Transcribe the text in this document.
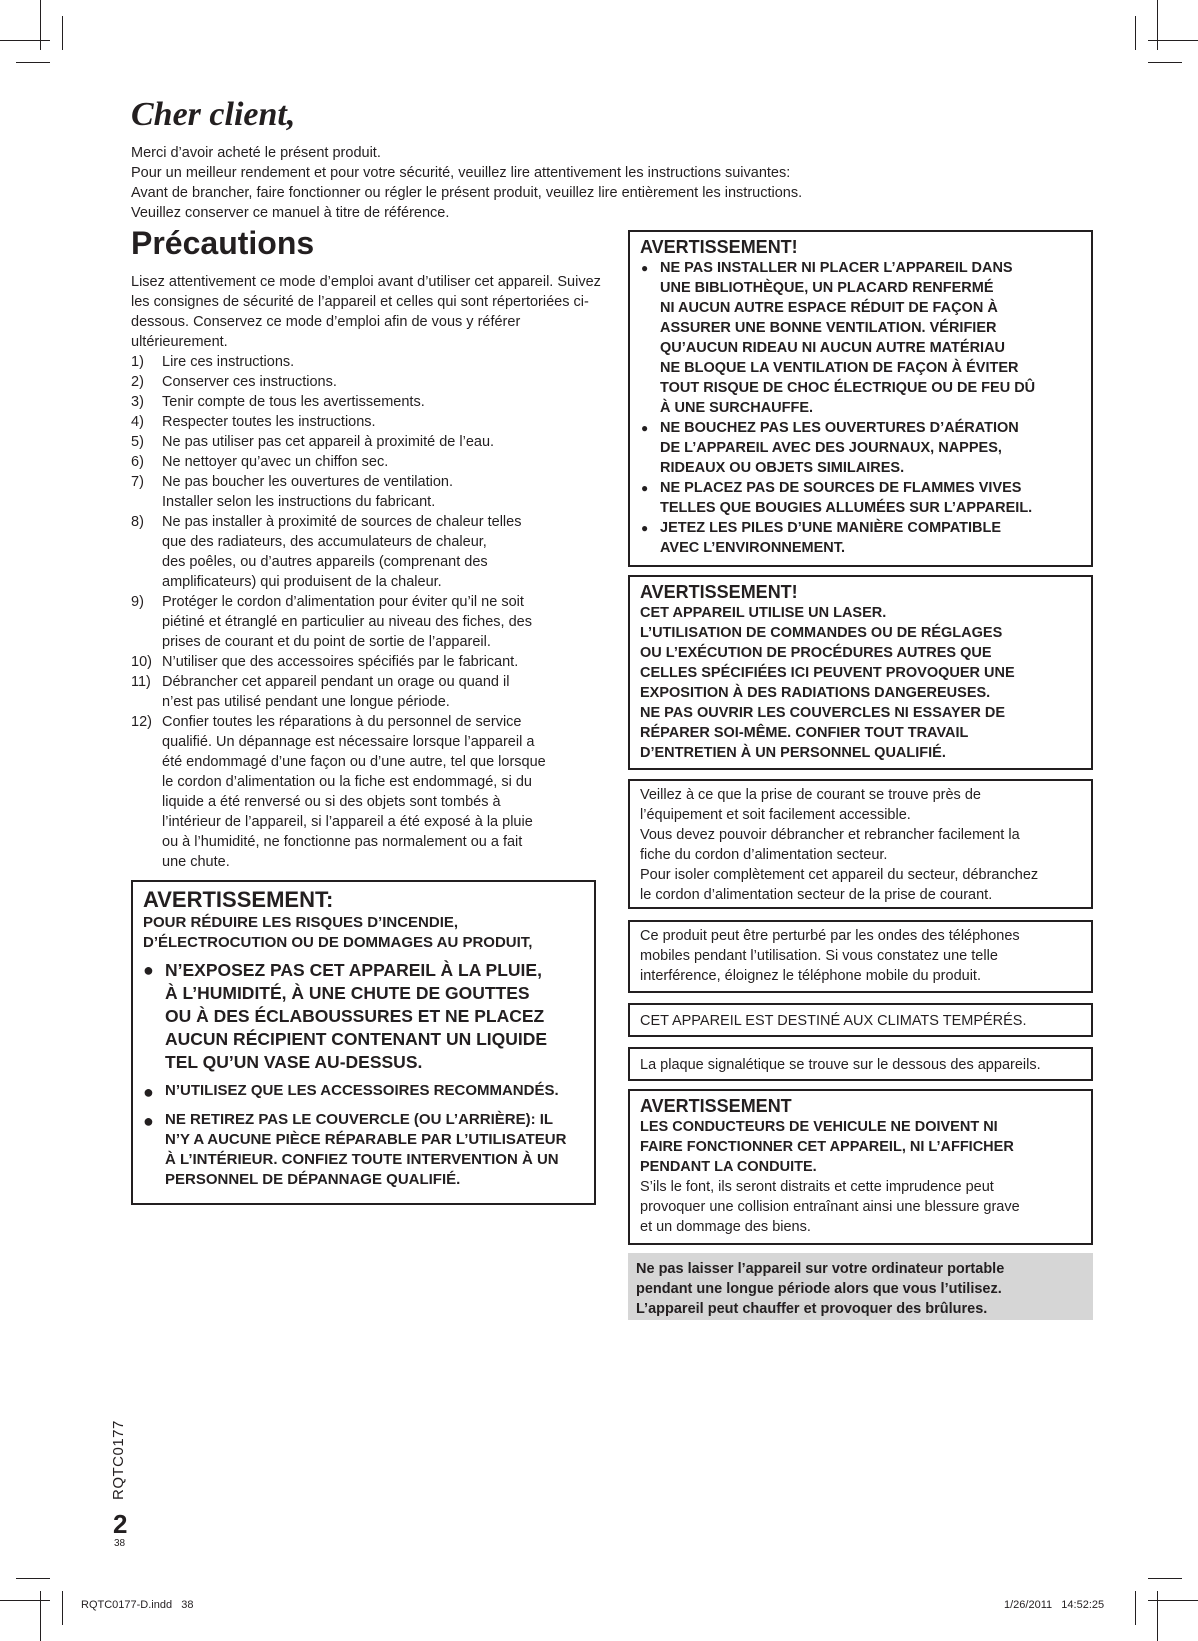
Cher client,
Merci d’avoir acheté le présent produit.
Pour un meilleur rendement et pour votre sécurité, veuillez lire attentivement les instructions suivantes:
Avant de brancher, faire fonctionner ou régler le présent produit, veuillez lire entièrement les instructions.
Veuillez conserver ce manuel à titre de référence.
Précautions

Lisez attentivement ce mode d’emploi avant d’utiliser cet appareil. Suivez les consignes de sécurité de l’appareil et celles qui sont répertoriées ci-dessous. Conservez ce mode d’emploi afin de vous y référer ultérieurement.

1)	Lire ces instructions.
2)	Conserver ces instructions.
3)	Tenir compte de tous les avertissements.
4)	Respecter toutes les instructions.
5)	Ne pas utiliser pas cet appareil à proximité de l’eau.
6)	Ne nettoyer qu’avec un chiffon sec.
7)	Ne pas boucher les ouvertures de ventilation.
Installer selon les instructions du fabricant.
8)	Ne pas installer à proximité de sources de chaleur telles
que des radiateurs, des accumulateurs de chaleur,
des poêles, ou d’autres appareils (comprenant des
amplificateurs) qui produisent de la chaleur.
9)	Protéger le cordon d’alimentation pour éviter qu’il ne soit
piétiné et étranglé en particulier au niveau des fiches, des
prises de courant et du point de sortie de l’appareil.
10) N’utiliser que des accessoires spécifiés par le fabricant.
11) Débrancher cet appareil pendant un orage ou quand il
n’est pas utilisé pendant une longue période.
12) Confier toutes les réparations à du personnel de service
qualifié. Un dépannage est nécessaire lorsque l’appareil a
été endommagé d’une façon ou d’une autre, tel que lorsque
le cordon d’alimentation ou la fiche est endommagé, si du
liquide a été renversé ou si des objets sont tombés à
l’intérieur de l’appareil, si l’appareil a été exposé à la pluie
ou à l’humidité, ne fonctionne pas normalement ou a fait
une chute.
AVERTISSEMENT:
POUR RÉDUIRE LES RISQUES D’INCENDIE,
D’ÉLECTROCUTION OU DE DOMMAGES AU PRODUIT,
● N’EXPOSEZ PAS CET APPAREIL À LA PLUIE,
À L’HUMIDITÉ, À UNE CHUTE DE GOUTTES
OU À DES ÉCLABOUSSURES ET NE PLACEZ
AUCUN RÉCIPIENT CONTENANT UN LIQUIDE
TEL QU’UN VASE AU-DESSUS.
● N’UTILISEZ QUE LES ACCESSOIRES RECOMMANDÉS.
● NE RETIREZ PAS LE COUVERCLE (OU L’ARRIÈRE): IL
N’Y A AUCUNE PIÈCE RÉPARABLE PAR L’UTILISATEUR
À L’INTÉRIEUR. CONFIEZ TOUTE INTERVENTION À UN
PERSONNEL DE DÉPANNAGE QUALIFIÉ.
AVERTISSEMENT!
● NE PAS INSTALLER NI PLACER L’APPAREIL DANS
UNE BIBLIOTHÈQUE, UN PLACARD RENFERMÉ
NI AUCUN AUTRE ESPACE RÉDUIT DE FAÇON À
ASSURER UNE BONNE VENTILATION. VÉRIFIER
QU’AUCUN RIDEAU NI AUCUN AUTRE MATÉRIAU
NE BLOQUE LA VENTILATION DE FAÇON À ÉVITER
TOUT RISQUE DE CHOC ÉLECTRIQUE OU DE FEU DÛ
À UNE SURCHAUFFE.
● NE BOUCHEZ PAS LES OUVERTURES D’AÉRATION
DE L’APPAREIL AVEC DES JOURNAUX, NAPPES,
RIDEAUX OU OBJETS SIMILAIRES.
● NE PLACEZ PAS DE SOURCES DE FLAMMES VIVES
TELLES QUE BOUGIES ALLUMÉES SUR L’APPAREIL.
● JETEZ LES PILES D’UNE MANIÈRE COMPATIBLE
AVEC L’ENVIRONNEMENT.
AVERTISSEMENT!
CET APPAREIL UTILISE UN LASER.
L’UTILISATION DE COMMANDES OU DE RÉGLAGES
OU L’EXÉCUTION DE PROCÉDURES AUTRES QUE
CELLES SPÉCIFIÉES ICI PEUVENT PROVOQUER UNE
EXPOSITION À DES RADIATIONS DANGEREUSES.
NE PAS OUVRIR LES COUVERCLES NI ESSAYER DE
RÉPARER SOI-MÊME. CONFIER TOUT TRAVAIL
D’ENTRETIEN À UN PERSONNEL QUALIFIÉ.
Veillez à ce que la prise de courant se trouve près de
l’équipement et soit facilement accessible.
Vous devez pouvoir débrancher et rebrancher facilement la
fiche du cordon d’alimentation secteur.
Pour isoler complètement cet appareil du secteur, débranchez
le cordon d’alimentation secteur de la prise de courant.
Ce produit peut être perturbé par les ondes des téléphones
mobiles pendant l’utilisation. Si vous constatez une telle
interférence, éloignez le téléphone mobile du produit.
CET APPAREIL EST DESTINÉ AUX CLIMATS TEMPÉRÉS.
La plaque signalétique se trouve sur le dessous des appareils.
AVERTISSEMENT
LES CONDUCTEURS DE VEHICULE NE DOIVENT NI
FAIRE FONCTIONNER CET APPAREIL, NI L’AFFICHER
PENDANT LA CONDUITE.
S’ils le font, ils seront distraits et cette imprudence peut
provoquer une collision entraînant ainsi une blessure grave
et un dommage des biens.
Ne pas laisser l’appareil sur votre ordinateur portable
pendant une longue période alors que vous l’utilisez.
L’appareil peut chauffer et provoquer des brûlures.
RQTC0177
2
38
RQTC0177-D.indd   38	1/26/2011   14:52:25
